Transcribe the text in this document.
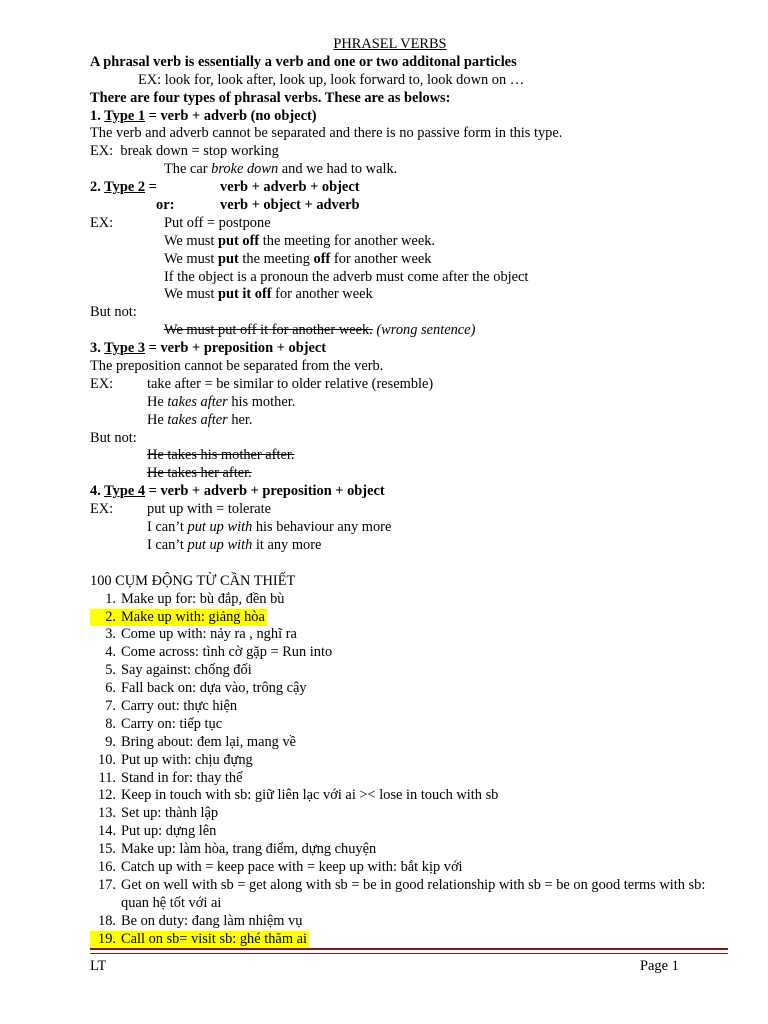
PHRASEL VERBS
A phrasal verb is essentially a verb and one or two additonal particles
EX: look for, look after, look up, look forward to, look down on …
There are four types of phrasal verbs. These are as belows:
1. Type 1 = verb + adverb (no object)
The verb and adverb cannot be separated and there is no passive form in this type.
EX: break down = stop working
The car broke down and we had to walk.
2. Type 2 =	verb + adverb + object
or:	verb + object + adverb
EX:	Put off = postpone
We must put off the meeting for another week.
We must put the meeting off for another week
If the object is a pronoun the adverb must come after the object
We must put it off for another week
But not:
We must put off it for another week. (wrong sentence)
3. Type 3 = verb + preposition + object
The preposition cannot be separated from the verb.
EX: take after = be similar to older relative (resemble)
He takes after his mother.
He takes after her.
But not:
He takes his mother after.
He takes her after.
4. Type 4 = verb + adverb + preposition + object
EX: put up with = tolerate
I can’t put up with his behaviour any more
I can’t put up with it any more
100 CỤM ĐỘNG TỪ CẦN THIẾT
1. Make up for: bù đắp, đền bù
2. Make up with: giảng hòa
3. Come up with: nảy ra , nghĩ ra
4. Come across: tình cờ gặp = Run into
5. Say against: chống đối
6. Fall back on: dựa vào, trông cậy
7. Carry out: thực hiện
8. Carry on: tiếp tục
9. Bring about: đem lại, mang về
10. Put up with: chịu đựng
11. Stand in for: thay thế
12. Keep in touch with sb: giữ liên lạc với ai >< lose in touch with sb
13. Set up: thành lập
14. Put up: dựng lên
15. Make up: làm hòa, trang điểm, dựng chuyện
16. Catch up with = keep pace with = keep up with: bắt kịp với
17. Get on well with sb = get along with sb = be in good relationship with sb = be on good terms with sb:
quan hệ tốt với ai
18. Be on duty: đang làm nhiệm vụ
19. Call on sb= visit sb: ghé thăm ai
LT	Page 1
